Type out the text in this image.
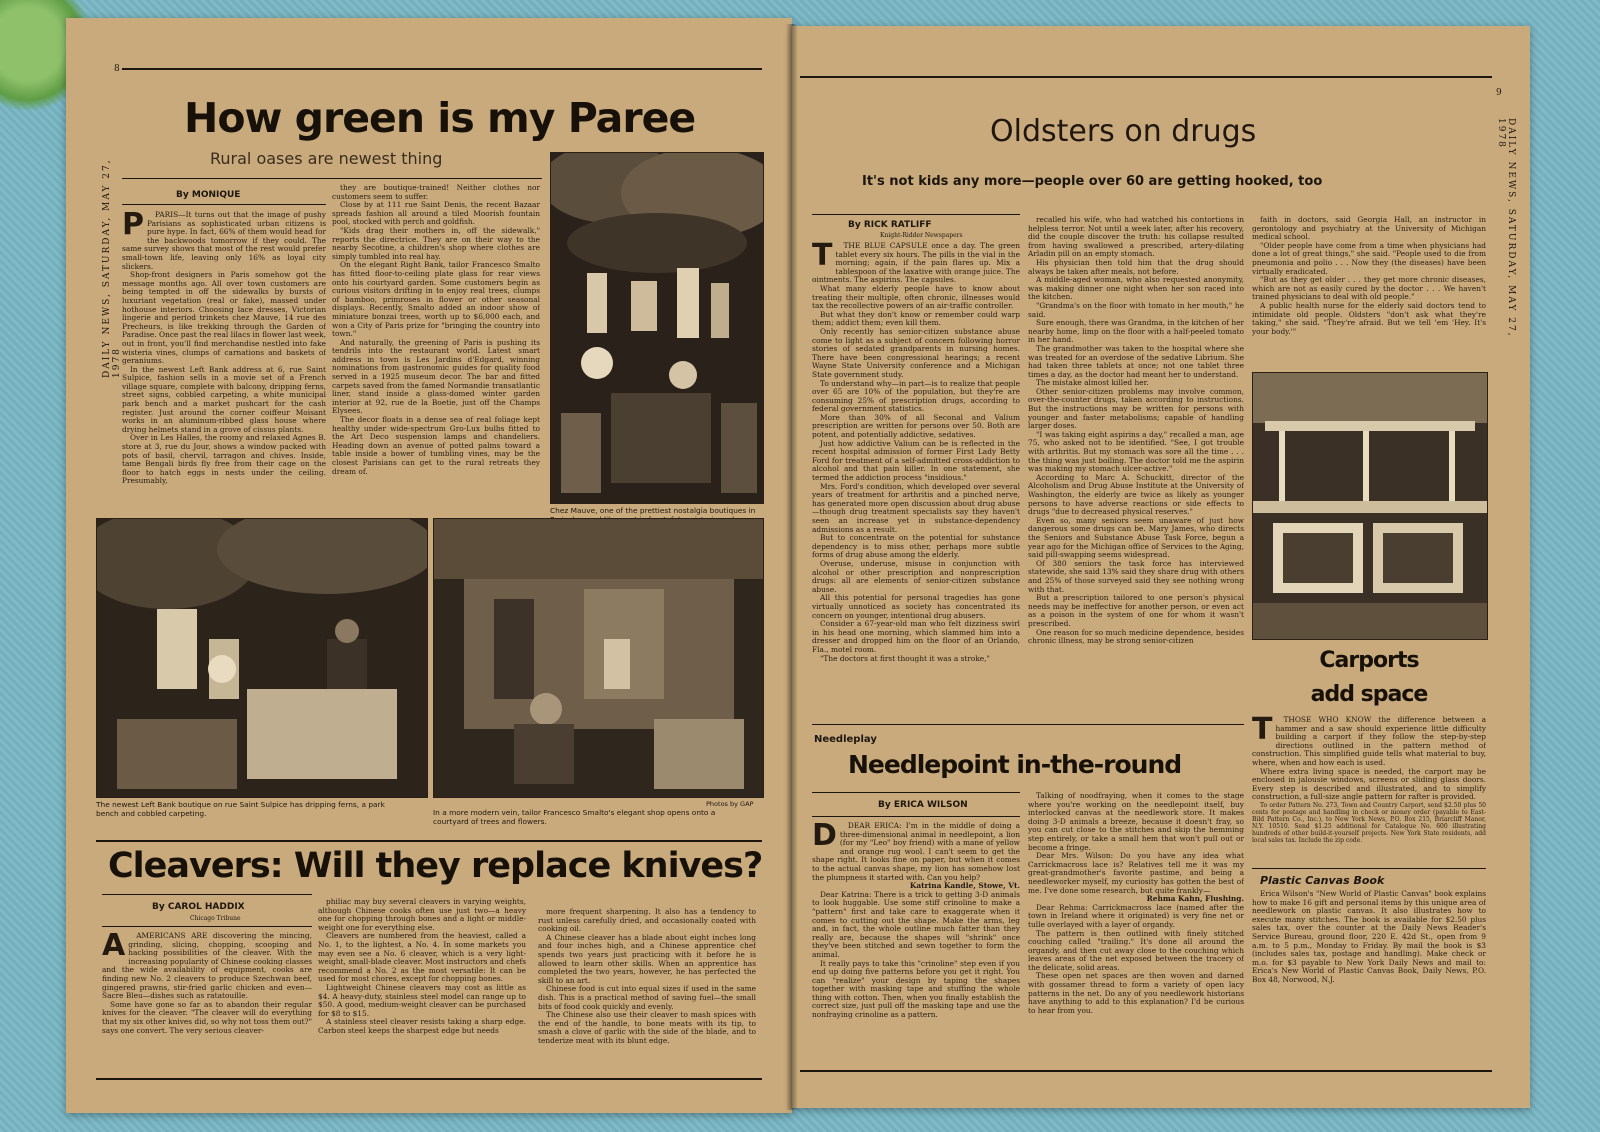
8
DAILY NEWS, SATURDAY, MAY 27, 1978
How green is my Paree
Rural oases are newest thing
By MONIQUE
P	PARIS—It turns out that the image of pushy Parisians as sophisticated urban citizens is pure hype. In fact, 66% of them would head for the backwoods tomorrow if they could. The same survey shows that most of the rest would prefer small-town life, leaving only 16% as loyal city slickers.

Shop-front designers in Paris somehow got the message months ago. All over town customers are being tempted in off the sidewalks by bursts of luxuriant vegetation (real or fake), massed under hothouse interiors. Choosing lace dresses, Victorian lingerie and period trinkets chez Mauve, 14 rue des Precheurs, is like trekking through the Garden of Paradise. Once past the real lilacs in flower last week, out in front, you'll find merchandise nestled into fake wisteria vines, clumps of carnations and baskets of geraniums.

In the newest Left Bank address at 6, rue Saint Sulpice, fashion sells in a movie set of a French village square, complete with balcony, dripping ferns, street signs, cobbled carpeting, a white municipal park bench and a market pushcart for the cash register. Just around the corner coiffeur Moisant works in an aluminum-ribbed glass house where drying helmets stand in a grove of cissus plants.

Over in Les Halles, the roomy and relaxed Agnes B. store at 3, rue du Jour, shows a window packed with pots of basil, chervil, tarragon and chives. Inside, tame Bengali birds fly free from their cage on the floor to hatch eggs in nests under the ceiling. Presumably,

they are boutique-trained! Neither clothes nor customers seem to suffer.

Close by at 111 rue Saint Denis, the recent Bazaar spreads fashion all around a tiled Moorish fountain pool, stocked with perch and goldfish.

"Kids drag their mothers in, off the sidewalk," reports the directrice. They are on their way to the nearby Secotine, a children's shop where clothes are simply tumbled into real hay.

On the elegant Right Bank, tailor Francesco Smalto has fitted floor-to-ceiling plate glass for rear views onto his courtyard garden. Some customers begin as curious visitors drifting in to enjoy real trees, clumps of bamboo, primroses in flower or other seasonal displays. Recently, Smalto added an indoor show of miniature bonzai trees, worth up to $6,000 each, and won a City of Paris prize for "bringing the country into town."

And naturally, the greening of Paris is pushing its tendrils into the restaurant world. Latest smart address in town is Les Jardins d'Edgard, winning nominations from gastronomic guides for quality food served in a 1925 museum decor. The bar and fitted carpets saved from the famed Normandie transatlantic liner, stand inside a glass-domed winter garden interior at 92, rue de la Boetie, just off the Champs Elysees.

The decor floats in a dense sea of real foliage kept healthy under wide-spectrum Gro-Lux bulbs fitted to the Art Deco suspension lamps and chandeliers. Heading down an avenue of potted palms toward a table inside a bower of tumbling vines, may be the closest Parisians can get to the rural retreats they dream of.

Chez Mauve, one of the prettiest nostalgia boutiques in
The newest Left Bank boutique on rue Saint Sulpice has dripping ferns, a park bench and cobbled carpeting.	In a more modern vein, tailor Francesco Smalto's elegant shop opens onto a courtyard of trees and flowers.
Photos by GAP
Cleavers: Will they replace knives?
By CAROL HADDIX
Chicago Tribune
A	AMERICANS ARE discovering the mincing, grinding, slicing, chopping, scooping and hacking possibilities of the cleaver. With the increasing popularity of Chinese cooking classes and the wide availability of equipment, cooks are finding new No. 2 cleavers to produce Szechwan beef, gingered prawns, stir-fried garlic chicken and even—Sacre Bleu—dishes such as ratatouille.

Some have gone so far as to abandon their regular knives for the cleaver. "The cleaver will do everything that my six other knives did, so why not toss them out?" says one convert. The very serious cleaver-

philiac may buy several cleavers in varying weights, although Chinese cooks often use just two—a heavy one for chopping through bones and a light or middle-weight one for everything else.

Cleavers are numbered from the heaviest, called a No. 1, to the lightest, a No. 4. In some markets you may even see a No. 6 cleaver, which is a very light-weight, small-blade cleaver. Most instructors and chefs recommend a No. 2 as the most versatile: It can be used for most chores, except for chopping bones.

Lightweight Chinese cleavers may cost as little as $4. A heavy-duty, stainless steel model can range up to $50. A good, medium-weight cleaver can be purchased for $8 to $15.

A stainless steel cleaver resists taking a sharp edge. Carbon steel keeps the sharpest edge but needs

more frequent sharpening. It also has a tendency to rust unless carefully dried, and occasionally coated with cooking oil.

A Chinese cleaver has a blade about eight inches long and four inches high, and a Chinese apprentice chef spends two years just practicing with it before he is allowed to learn other skills. When an apprentice has completed the two years, however, he has perfected the skill to an art.

Chinese food is cut into equal sizes if used in the same dish. This is a practical method of saving fuel—the small bits of food cook quickly and evenly.

The Chinese also use their cleaver to mash spices with the end of the handle, to bone meats with its tip, to smash a clove of garlic with the side of the blade, and to tenderize meat with its blunt edge.

9
DAILY NEWS, SATURDAY, MAY 27, 1978
Oldsters on drugs
It's not kids any more—people over 60 are getting hooked, too
By RICK RATLIFF
Knight-Ridder Newspapers
T	THE BLUE CAPSULE once a day. The green tablet every six hours. The pills in the vial in the morning; again, if the pain flares up. Mix a tablespoon of the laxative with orange juice. The ointments. The aspirins. The capsules.

What many elderly people have to know about treating their multiple, often chronic, illnesses would tax the recollective powers of an air-traffic controller.

But what they don't know or remember could warp them; addict them; even kill them.

Only recently has senior-citizen substance abuse come to light as a subject of concern following horror stories of sedated grandparents in nursing homes. There have been congressional hearings; a recent Wayne State University conference and a Michigan State government study.

To understand why—in part—is to realize that people over 65 are 10% of the population, but they're are consuming 25% of prescription drugs, according to federal government statistics.

More than 30% of all Seconal and Valium prescription are written for persons over 50. Both are potent, and potentially addictive, sedatives.

Just how addictive Valium can be is reflected in the recent hospital admission of former First Lady Betty Ford for treatment of a self-admitted cross-addiction to alcohol and that pain killer. In one statement, she termed the addiction process "insidious."

Mrs. Ford's condition, which developed over several years of treatment for arthritis and a pinched nerve, has generated more open discussion about drug abuse—though drug treatment specialists say they haven't seen an increase yet in substance-dependency admissions as a result.

But to concentrate on the potential for substance dependency is to miss other, perhaps more subtle forms of drug abuse among the elderly.

Overuse, underuse, misuse in conjunction with alcohol or other prescription and nonprescription drugs: all are elements of senior-citizen substance abuse.

All this potential for personal tragedies has gone virtually unnoticed as society has concentrated its concern on younger, intentional drug abusers.

Consider a 67-year-old man who felt dizziness swirl in his head one morning, which slammed him into a dresser and dropped him on the floor of an Orlando, Fla., motel room.

"The doctors at first thought it was a stroke,"

recalled his wife, who had watched his contortions in helpless terror. Not until a week later, after his recovery, did the couple discover the truth: his collapse resulted from having swallowed a prescribed, artery-dilating Arladin pill on an empty stomach.

His physician then told him that the drug should always be taken after meals, not before.

A middle-aged woman, who also requested anonymity, was making dinner one night when her son raced into the kitchen.

"Grandma's on the floor with tomato in her mouth," he said.

Sure enough, there was Grandma, in the kitchen of her nearby home, limp on the floor with a half-peeled tomato in her hand.

The grandmother was taken to the hospital where she was treated for an overdose of the sedative Librium. She had taken three tablets at once; not one tablet three times a day, as the doctor had meant her to understand.

The mistake almost killed her.

Other senior-citizen problems may involve common, over-the-counter drugs, taken according to instructions. But the instructions may be written for persons with younger and faster metabolisms; capable of handling larger doses.

"I was taking eight aspirins a day," recalled a man, age 75, who asked not to be identified. "See, I got trouble with arthritis. But my stomach was sore all the time . . . the thing was just boiling. The doctor told me the aspirin was making my stomach ulcer-active."

According to Marc A. Schuckitt, director of the Alcoholism and Drug Abuse Institute at the University of Washington, the elderly are twice as likely as younger persons to have adverse reactions or side effects to drugs "due to decreased physical reserves."

Even so, many seniors seem unaware of just how dangerous some drugs can be. Mary James, who directs the Seniors and Substance Abuse Task Force, begun a year ago for the Michigan office of Services to the Aging, said pill-swapping seems widespread.

Of 380 seniors the task force has interviewed statewide, she said 13% said they share drug with others and 25% of those surveyed said they see nothing wrong with that.

But a prescription tailored to one person's physical needs may be ineffective for another person, or even act as a poison in the system of one for whom it wasn't prescribed.

One reason for so much medicine dependence, besides chronic illness, may be strong senior-citizen

faith in doctors, said Georgia Hall, an instructor in gerontology and psychiatry at the University of Michigan medical school.

"Older people have come from a time when physicians had done a lot of great things," she said. "People used to die from pneumonia and polio . . . Now they (the diseases) have been virtually eradicated.

"But as they get older . . . they get more chronic diseases, which are not as easily cured by the doctor . . . We haven't trained physicians to deal with old people."

A public health nurse for the elderly said doctors tend to intimidate old people. Oldsters "don't ask what they're taking," she said. "They're afraid. But we tell 'em 'Hey. It's your body.'"

Carports
add space
T	THOSE WHO KNOW the difference between a hammer and a saw should experience little difficulty building a carport if they follow the step-by-step directions outlined in the pattern method of construction. This simplified guide tells what material to buy, where, when and how each is used.

Where extra living space is needed, the carport may be enclosed in jalousie windows, screens or sliding glass doors. Every step is described and illustrated, and to simplify construction, a full-size angle pattern for rafter is provided.

To order Pattern No. 273, Town and Country Carport, send $2.50 plus 50 cents for postage and handling in check or money order (payable to East-Bild Pattern Co., Inc.), to New York News, P.O. Box 215, Briarcliff Manor, N.Y. 10510. Send $1.25 additional for Catalogue No. 600 illustrating hundreds of other build-it-yourself projects. New York State residents, add local sales tax. Include the zip code.

Plastic Canvas Book

Erica Wilson's "New World of Plastic Canvas" book explains how to make 16 gift and personal items by this unique area of needlework on plastic canvas. It also illustrates how to execute many stitches. The book is available for $2.50 plus sales tax, over the counter at the Daily News Reader's Service Bureau, ground floor, 220 E. 42d St., open from 9 a.m. to 5 p.m., Monday to Friday. By mail the book is $3 (includes sales tax, postage and handling). Make check or m.o. for $3 payable to New York Daily News and mail to: Erica's New World of Plastic Canvas Book, Daily News, P.O. Box 48, Norwood, N.J.

Needleplay
Needlepoint in-the-round
By ERICA WILSON
D	DEAR ERICA: I'm in the middle of doing a three-dimensional animal in needlepoint, a lion (for my "Leo" boy friend) with a mane of yellow and orange rug wool. I can't seem to get the shape right. It looks fine on paper, but when it comes to the actual canvas shape, my lion has somehow lost the plumpness it started with. Can you help?

Katrina Kandle, Stowe, Vt.

Dear Katrina: There is a trick to getting 3-D animals to look huggable. Use some stiff crinoline to make a "pattern" first and take care to exaggerate when it comes to cutting out the shape. Make the arms, leg and, in fact, the whole outline much fatter than they really are, because the shapes will "shrink" once they've been stitched and sewn together to form the animal.

It really pays to take this "crinoline" step even if you end up doing five patterns before you get it right. You can "realize" your design by taping the shapes together with masking tape and stuffing the whole thing with cotton. Then, when you finally establish the correct size, just pull off the masking tape and use the nonfraying crinoline as a pattern.

Talking of noodfraying, when it comes to the stage where you're working on the needlepoint itself, buy interlocked canvas at the needlework store. It makes doing 3-D animals a breeze, because it doesn't fray, so you can cut close to the stitches and skip the hemming step entirely, or take a small hem that won't pull out or become a fringe.

Dear Mrs. Wilson: Do you have any idea what Carrickmacross lace is? Relatives tell me it was my great-grandmother's favorite pastime, and being a needleworker myself, my curiosity has gotten the best of me. I've done some research, but quite frankly—

Rehma Kahn, Flushing.

Dear Rehma: Carrickmacross lace (named after the town in Ireland where it originated) is very fine net or tulle overlayed with a layer of organdy.

The pattern is then outlined with finely stitched couching called "trailing." It's done all around the organdy, and then cut away close to the couching which leaves areas of the net exposed between the tracery of the delicate, solid areas.

These open net spaces are then woven and darned with gossamer thread to form a variety of open lacy patterns in the net. Do any of you needlework historians have anything to add to this explanation? I'd be curious to hear from you.
